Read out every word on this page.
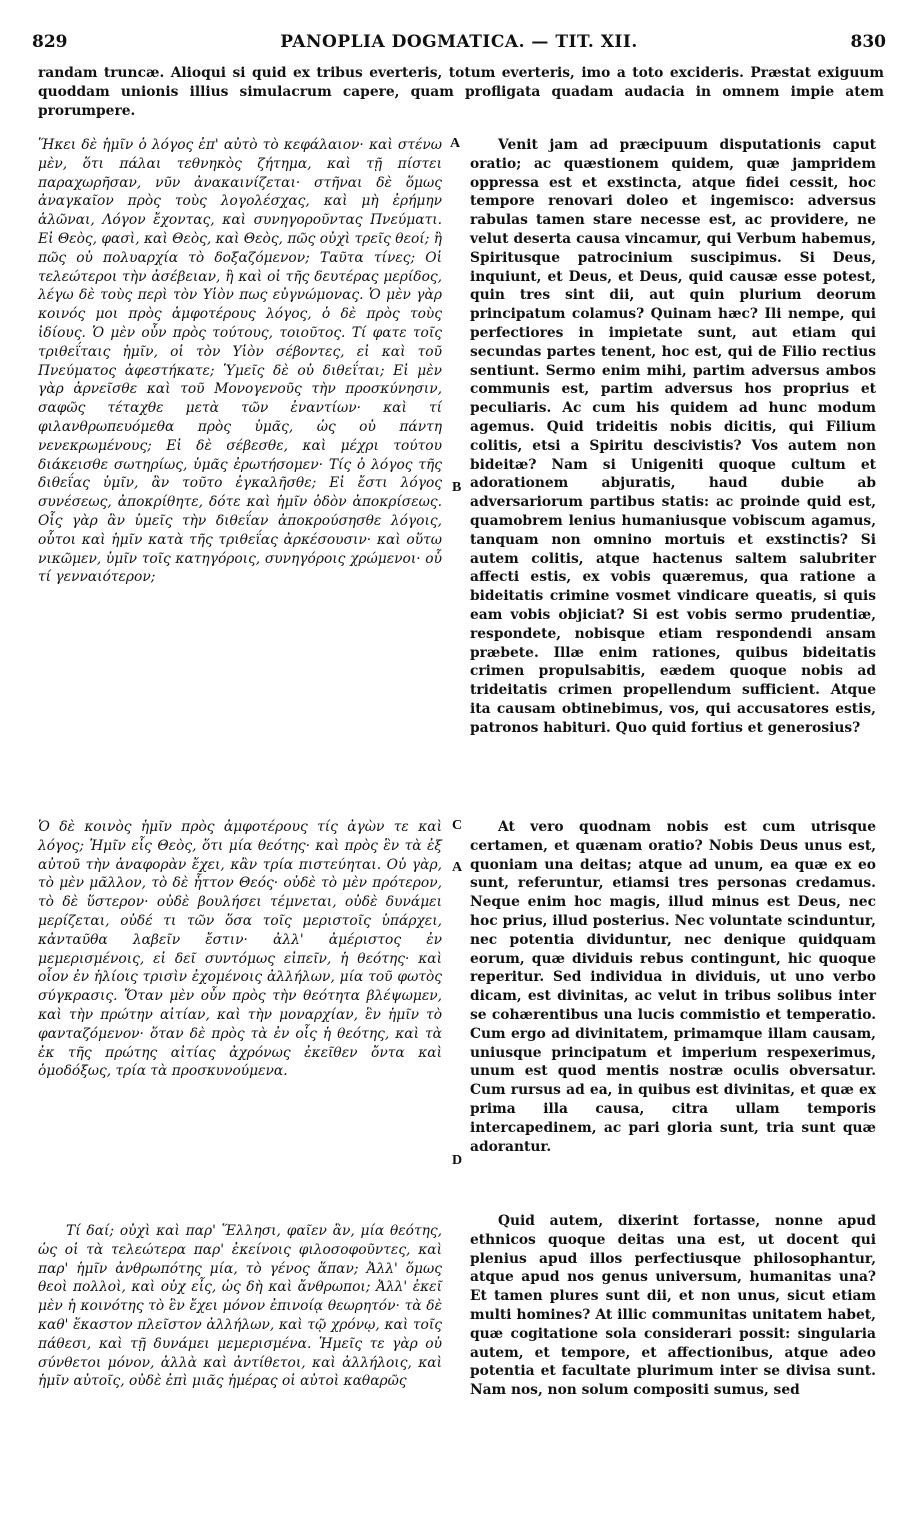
829	PANOPLIA DOGMATICA. — TIT. XII.	830
randam truncæ. Alioqui si quid ex tribus everteris, totum everteris, imo a toto excideris. Præstat exiguum quoddam unionis illius simulacrum capere, quam profligata quadam audacia in omnem impie atem prorumpere.

Ἥκει δὲ ἡμῖν ὁ λόγος ἐπ' αὐτὸ τὸ κεφάλαιον· καὶ στένω μὲν, ὅτι πάλαι τεθνηκὸς ζήτημα, καὶ τῇ πίστει παραχωρῆσαν, νῦν ἀνακαινίζεται· στῆναι δὲ ὅμως ἀναγκαῖον πρὸς τοὺς λογολέσχας, καὶ μὴ ἐρήμην ἁλῶναι, Λόγον ἔχοντας, καὶ συνηγοροῦντας Πνεύματι. Εἰ Θεὸς, φασὶ, καὶ Θεὸς, καὶ Θεὸς, πῶς οὐχὶ τρεῖς θεοί; ἢ πῶς οὐ πολυαρχία τὸ δοξαζόμενον; Ταῦτα τίνες; Οἱ τελεώτεροι τὴν ἀσέβειαν, ἢ καὶ οἱ τῆς δευτέρας μερίδος, λέγω δὲ τοὺς περὶ τὸν Υἱὸν πως εὐγνώμονας. Ὁ μὲν γὰρ κοινός μοι πρὸς ἀμφοτέρους λόγος, ὁ δὲ πρὸς τοὺς ἰδίους. Ὁ μὲν οὖν πρὸς τούτους, τοιοῦτος. Τί φατε τοῖς τριθεΐταις ἡμῖν, οἱ τὸν Υἱὸν σέβοντες, εἰ καὶ τοῦ Πνεύματος ἀφεστήκατε; Ὑμεῖς δὲ οὐ διθεΐται; Εἰ μὲν γὰρ ἀρνεῖσθε καὶ τοῦ Μονογενοῦς τὴν προσκύνησιν, σαφῶς τέταχθε μετὰ τῶν ἐναντίων· καὶ τί φιλανθρωπευόμεθα πρὸς ὑμᾶς, ὡς οὐ πάντη νενεκρωμένους; Εἰ δὲ σέβεσθε, καὶ μέχρι τούτου διάκεισθε σωτηρίως, ὑμᾶς ἐρωτήσομεν· Τίς ὁ λόγος τῆς διθεΐας ὑμῖν, ἂν τοῦτο ἐγκαλῆσθε; Εἰ ἔστι λόγος συνέσεως, ἀποκρίθητε, δότε καὶ ἡμῖν ὁδὸν ἀποκρίσεως. Οἷς γὰρ ἂν ὑμεῖς τὴν διθεΐαν ἀποκρούσησθε λόγοις, οὗτοι καὶ ἡμῖν κατὰ τῆς τριθεΐας ἀρκέσουσιν· καὶ οὕτω νικῶμεν, ὑμῖν τοῖς κατηγόροις, συνηγόροις χρώμενοι· οὗ τί γενναιότερον;

A
B

Venit jam ad præcipuum disputationis caput oratio; ac quæstionem quidem, quæ jampridem oppressa est et exstincta, atque fidei cessit, hoc tempore renovari doleo et ingemisco: adversus rabulas tamen stare necesse est, ac providere, ne velut deserta causa vincamur, qui Verbum habemus, Spiritusque patrocinium suscipimus. Si Deus, inquiunt, et Deus, et Deus, quid causæ esse potest, quin tres sint dii, aut quin plurium deorum principatum colamus? Quinam hæc? Ili nempe, qui perfectiores in impietate sunt, aut etiam qui secundas partes tenent, hoc est, qui de Filio rectius sentiunt. Sermo enim mihi, partim adversus ambos communis est, partim adversus hos proprius et peculiaris. Ac cum his quidem ad hunc modum agemus. Quid trideitis nobis dicitis, qui Filium colitis, etsi a Spiritu descivistis? Vos autem non bideitæ? Nam si Unigeniti quoque cultum et adorationem abjuratis, haud dubie ab adversariorum partibus statis: ac proinde quid est, quamobrem lenius humaniusque vobiscum agamus, tanquam non omnino mortuis et exstinctis? Si autem colitis, atque hactenus saltem salubriter affecti estis, ex vobis quæremus, qua ratione a bideitatis crimine vosmet vindicare queatis, si quis eam vobis objiciat? Si est vobis sermo prudentiæ, respondete, nobisque etiam respondendi ansam præbete. Illæ enim rationes, quibus bideitatis crimen propulsabitis, eædem quoque nobis ad trideitatis crimen propellendum sufficient. Atque ita causam obtinebimus, vos, qui accusatores estis, patronos habituri. Quo quid fortius et generosius?

Ὁ δὲ κοινὸς ἡμῖν πρὸς ἀμφοτέρους τίς ἀγὼν τε καὶ λόγος; Ἡμῖν εἷς Θεὸς, ὅτι μία θεότης· καὶ πρὸς ἓν τὰ ἐξ αὐτοῦ τὴν ἀναφορὰν ἔχει, κἂν τρία πιστεύηται. Οὐ γὰρ, τὸ μὲν μᾶλλον, τὸ δὲ ἧττον Θεός· οὐδὲ τὸ μὲν πρότερον, τὸ δὲ ὕστερον· οὐδὲ βουλήσει τέμνεται, οὐδὲ δυνάμει μερίζεται, οὐδέ τι τῶν ὅσα τοῖς μεριστοῖς ὑπάρχει, κἀνταῦθα λαβεῖν ἔστιν· ἀλλ' ἀμέριστος ἐν μεμερισμένοις, εἰ δεῖ συντόμως εἰπεῖν, ἡ θεότης· καὶ οἷον ἐν ἡλίοις τρισὶν ἐχομένοις ἀλλήλων, μία τοῦ φωτὸς σύγκρασις. Ὅταν μὲν οὖν πρὸς τὴν θεότητα βλέψωμεν, καὶ τὴν πρώτην αἰτίαν, καὶ τὴν μοναρχίαν, ἓν ἡμῖν τὸ φανταζόμενον· ὅταν δὲ πρὸς τὰ ἐν οἷς ἡ θεότης, καὶ τὰ ἐκ τῆς πρώτης αἰτίας ἀχρόνως ἐκεῖθεν ὄντα καὶ ὁμοδόξως, τρία τὰ προσκυνούμενα.

C
A
D

At vero quodnam nobis est cum utrisque certamen, et quænam oratio? Nobis Deus unus est, quoniam una deitas; atque ad unum, ea quæ ex eo sunt, referuntur, etiamsi tres personas credamus. Neque enim hoc magis, illud minus est Deus, nec hoc prius, illud posterius. Nec voluntate scinduntur, nec potentia dividuntur, nec denique quidquam eorum, quæ dividuis rebus contingunt, hic quoque reperitur. Sed individua in dividuis, ut uno verbo dicam, est divinitas, ac velut in tribus solibus inter se cohærentibus una lucis commistio et temperatio. Cum ergo ad divinitatem, primamque illam causam, uniusque principatum et imperium respexerimus, unum est quod mentis nostræ oculis obversatur. Cum rursus ad ea, in quibus est divinitas, et quæ ex prima illa causa, citra ullam temporis intercapedinem, ac pari gloria sunt, tria sunt quæ adorantur.

Τί δαί; οὐχὶ καὶ παρ' Ἕλλησι, φαῖεν ἂν, μία θεότης, ὡς οἱ τὰ τελεώτερα παρ' ἐκείνοις φιλοσοφοῦντες, καὶ παρ' ἡμῖν ἀνθρωπότης μία, τὸ γένος ἅπαν; Ἀλλ' ὅμως θεοὶ πολλοὶ, καὶ οὐχ εἷς, ὡς δὴ καὶ ἄνθρωποι; Ἀλλ' ἐκεῖ μὲν ἡ κοινότης τὸ ἓν ἔχει μόνον ἐπινοίᾳ θεωρητόν· τὰ δὲ καθ' ἕκαστον πλεῖστον ἀλλήλων, καὶ τῷ χρόνῳ, καὶ τοῖς πάθεσι, καὶ τῇ δυνάμει μεμερισμένα. Ἡμεῖς τε γὰρ οὐ σύνθετοι μόνον, ἀλλὰ καὶ ἀντίθετοι, καὶ ἀλλήλοις, καὶ ἡμῖν αὐτοῖς, οὐδὲ ἐπὶ μιᾶς ἡμέρας οἱ αὐτοὶ καθαρῶς

Quid autem, dixerint fortasse, nonne apud ethnicos quoque deitas una est, ut docent qui plenius apud illos perfectiusque philosophantur, atque apud nos genus universum, humanitas una? Et tamen plures sunt dii, et non unus, sicut etiam multi homines? At illic communitas unitatem habet, quæ cogitatione sola considerari possit: singularia autem, et tempore, et affectionibus, atque adeo potentia et facultate plurimum inter se divisa sunt. Nam nos, non solum compositi sumus, sed
